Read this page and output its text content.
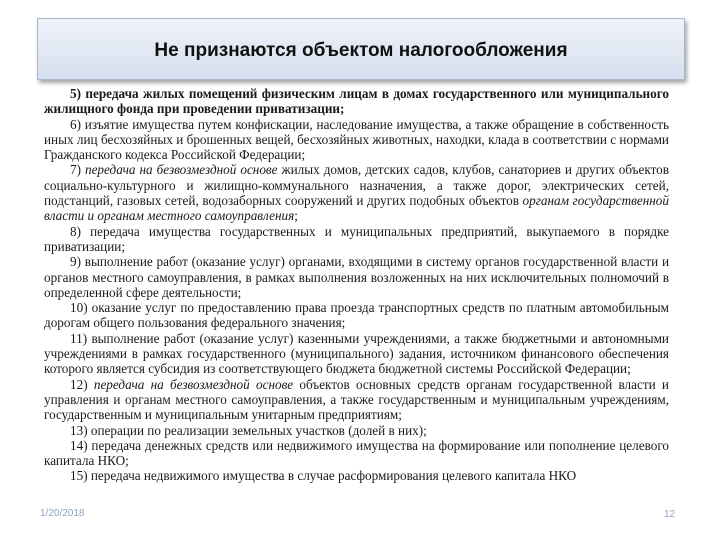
Не признаются объектом налогообложения

5) передача жилых помещений физическим лицам в домах государственного или муниципального жилищного фонда при проведении приватизации;

6) изъятие имущества путем конфискации, наследование имущества, а также обращение в собственность иных лиц бесхозяйных и брошенных вещей, бесхозяйных животных, находки, клада в соответствии с нормами Гражданского кодекса Российской Федерации;

7) передача на безвозмездной основе жилых домов, детских садов, клубов, санаториев и других объектов социально-культурного и жилищно-коммунального назначения, а также дорог, электрических сетей, подстанций, газовых сетей, водозаборных сооружений и других подобных объектов органам государственной власти и органам местного самоуправления;

8) передача имущества государственных и муниципальных предприятий, выкупаемого в порядке приватизации;

9) выполнение работ (оказание услуг) органами, входящими в систему органов государственной власти и органов местного самоуправления, в рамках выполнения возложенных на них исключительных полномочий в определенной сфере деятельности;

10) оказание услуг по предоставлению права проезда транспортных средств по платным автомобильным дорогам общего пользования федерального значения;

11) выполнение работ (оказание услуг) казенными учреждениями, а также бюджетными и автономными учреждениями в рамках государственного (муниципального) задания, источником финансового обеспечения которого является субсидия из соответствующего бюджета бюджетной системы Российской Федерации;

12) передача на безвозмездной основе объектов основных средств органам государственной власти и управления и органам местного самоуправления, а также государственным и муниципальным учреждениям, государственным и муниципальным унитарным предприятиям;

13) операции по реализации земельных участков (долей в них);

14) передача денежных средств или недвижимого имущества на формирование или пополнение целевого капитала НКО;

15) передача недвижимого имущества в случае расформирования целевого капитала НКО

1/20/2018	12
